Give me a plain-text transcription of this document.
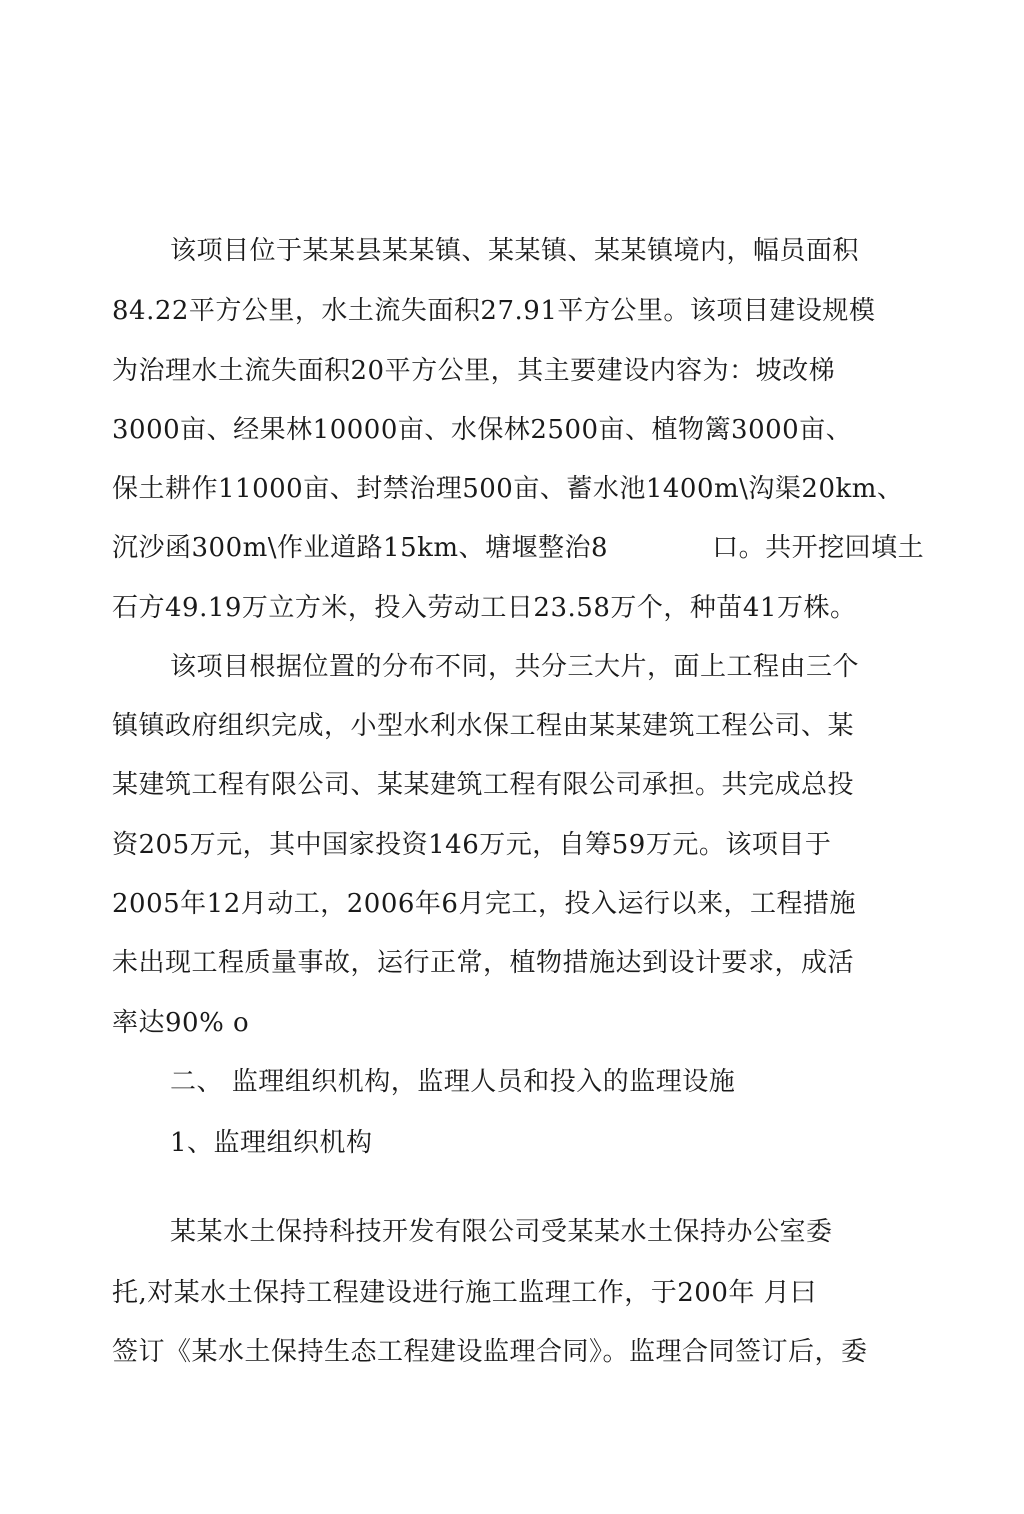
该项目位于某某县某某镇、某某镇、某某镇境内，幅员面积
84.22平方公里，水土流失面积27.91平方公里。该项目建设规模
为治理水土流失面积20平方公里，其主要建设内容为：坡改梯
3000亩、经果林10000亩、水保林2500亩、植物篱3000亩、
保土耕作11000亩、封禁治理500亩、蓄水池1400m\沟渠20km、
沉沙函300m\作业道路15km、塘堰整治8	口。共开挖回填土
石方49.19万立方米，投入劳动工日23.58万个，种苗41万株。
该项目根据位置的分布不同，共分三大片，面上工程由三个
镇镇政府组织完成，小型水利水保工程由某某建筑工程公司、某
某建筑工程有限公司、某某建筑工程有限公司承担。共完成总投
资205万元，其中国家投资146万元，自筹59万元。该项目于
2005年12月动工，2006年6月完工，投入运行以来，工程措施
未出现工程质量事故，运行正常，植物措施达到设计要求，成活
率达90% o
二、 监理组织机构，监理人员和投入的监理设施
1、监理组织机构
某某水土保持科技开发有限公司受某某水土保持办公室委
托,对某水土保持工程建设进行施工监理工作，于200年 月曰
签订《某水土保持生态工程建设监理合同》。监理合同签订后，委
